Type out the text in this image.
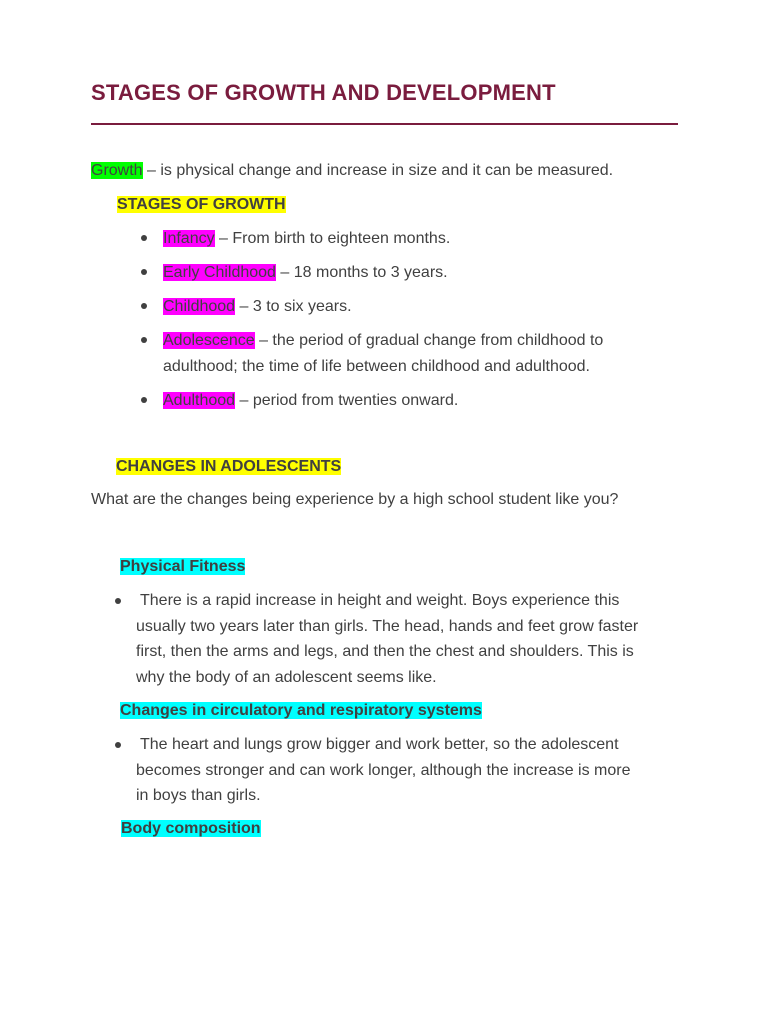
STAGES OF GROWTH AND DEVELOPMENT
Growth – is physical change and increase in size and it can be measured.
STAGES OF GROWTH
Infancy – From birth to eighteen months.
Early Childhood – 18 months to 3 years.
Childhood – 3 to six years.
Adolescence – the period of gradual change from childhood to
adulthood; the time of life between childhood and adulthood.
Adulthood – period from twenties onward.
CHANGES IN ADOLESCENTS
What are the changes being experience by a high school student like you?
Physical Fitness
There is a rapid increase in height and weight. Boys experience this
usually two years later than girls. The head, hands and feet grow faster
first, then the arms and legs, and then the chest and shoulders. This is
why the body of an adolescent seems like.
Changes in circulatory and respiratory systems
The heart and lungs grow bigger and work better, so the adolescent
becomes stronger and can work longer, although the increase is more
in boys than girls.
Body composition
